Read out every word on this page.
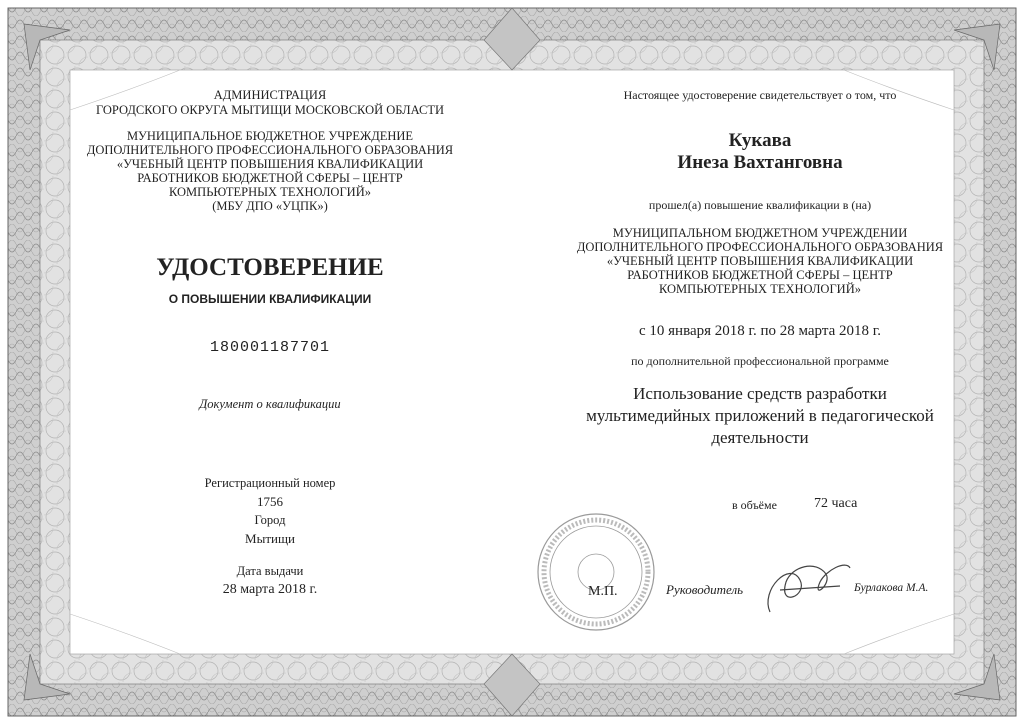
АДМИНИСТРАЦИЯ
ГОРОДСКОГО ОКРУГА МЫТИЩИ МОСКОВСКОЙ ОБЛАСТИ
МУНИЦИПАЛЬНОЕ БЮДЖЕТНОЕ УЧРЕЖДЕНИЕ
ДОПОЛНИТЕЛЬНОГО ПРОФЕССИОНАЛЬНОГО ОБРАЗОВАНИЯ
«УЧЕБНЫЙ ЦЕНТР ПОВЫШЕНИЯ КВАЛИФИКАЦИИ
РАБОТНИКОВ БЮДЖЕТНОЙ СФЕРЫ – ЦЕНТР
КОМПЬЮТЕРНЫХ ТЕХНОЛОГИЙ»
(МБУ ДПО «УЦПК»)
УДОСТОВЕРЕНИЕ
О ПОВЫШЕНИИ КВАЛИФИКАЦИИ
180001187701
Документ о квалификации
Регистрационный номер
1756
Город
Мытищи
Дата выдачи
28 марта 2018 г.
Настоящее удостоверение свидетельствует о том, что
Кукава
Инеза Вахтанговна
прошел(а) повышение квалификации в (на)
МУНИЦИПАЛЬНОМ БЮДЖЕТНОМ УЧРЕЖДЕНИИ
ДОПОЛНИТЕЛЬНОГО ПРОФЕССИОНАЛЬНОГО ОБРАЗОВАНИЯ
«УЧЕБНЫЙ ЦЕНТР ПОВЫШЕНИЯ КВАЛИФИКАЦИИ
РАБОТНИКОВ БЮДЖЕТНОЙ СФЕРЫ – ЦЕНТР
КОМПЬЮТЕРНЫХ ТЕХНОЛОГИЙ»
с 10 января 2018 г. по 28 марта 2018 г.
по дополнительной профессиональной программе
Использование средств разработки
мультимедийных приложений в педагогической
деятельности
в объёме	72 часа
М.П.	Руководитель	Бурлакова М.А.
